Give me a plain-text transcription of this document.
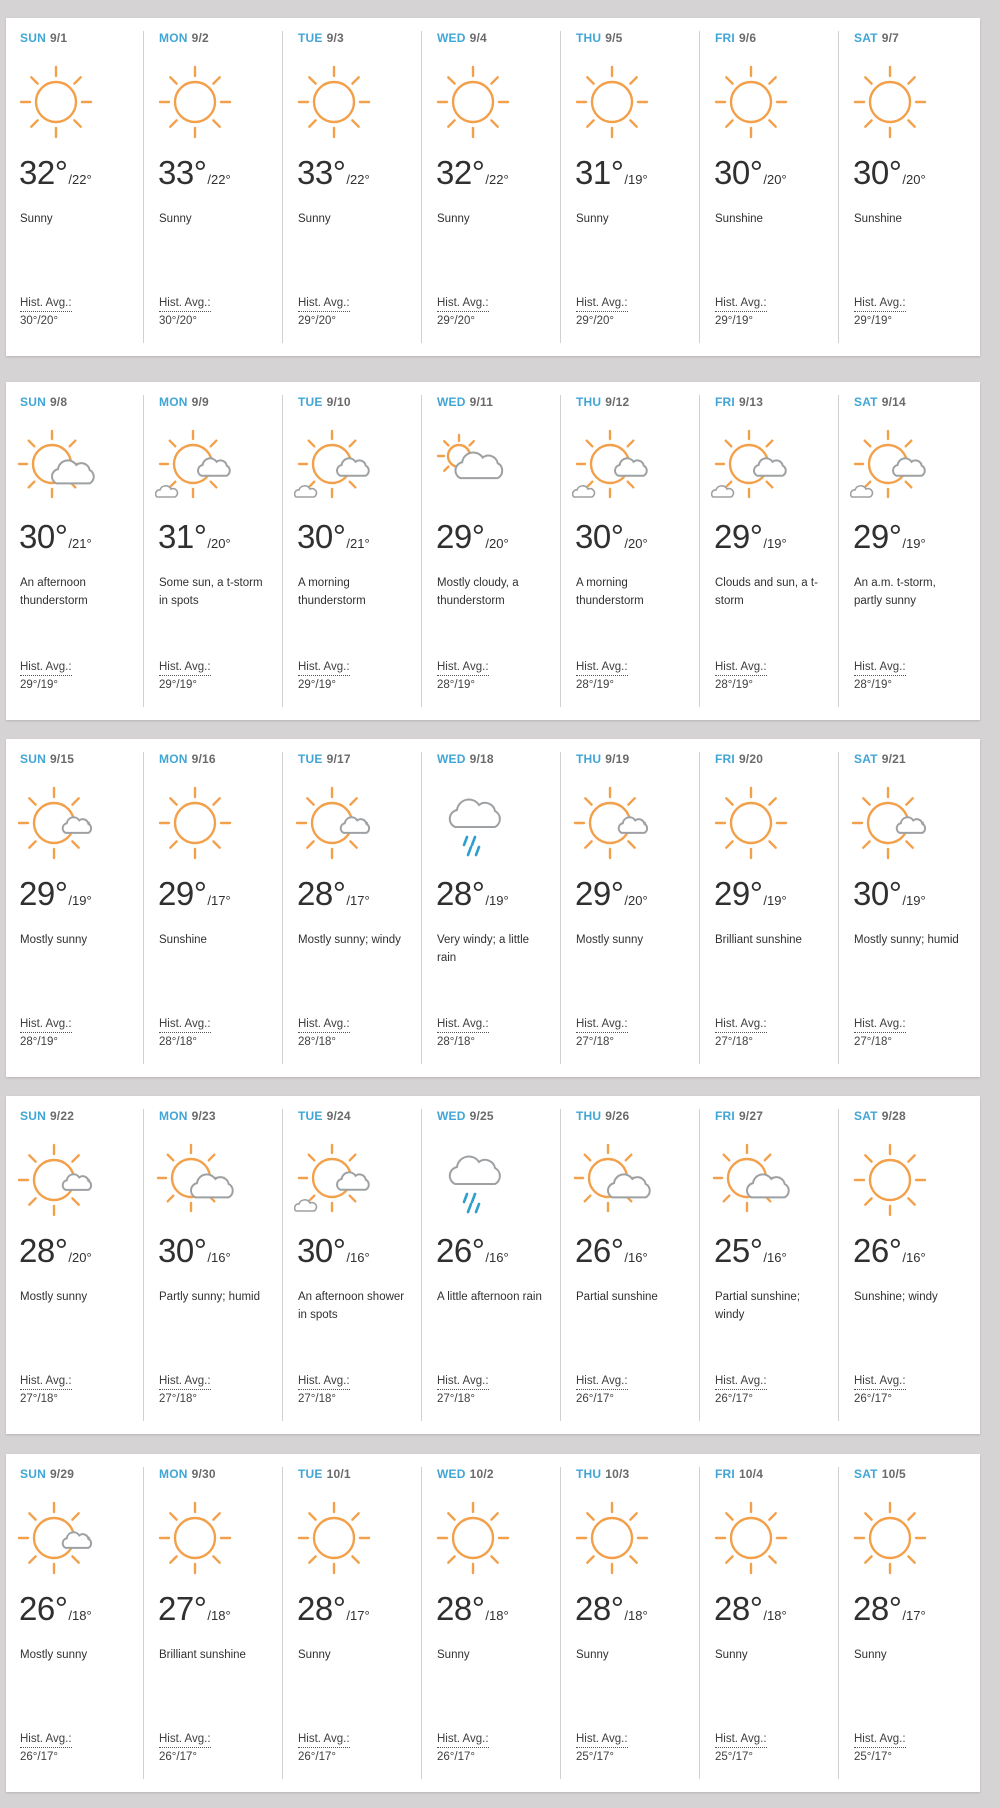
SUN 9/1
32°/22°
Sunny
Hist. Avg.:
30°/20°
MON 9/2
33°/22°
Sunny
Hist. Avg.:
30°/20°
TUE 9/3
33°/22°
Sunny
Hist. Avg.:
29°/20°
WED 9/4
32°/22°
Sunny
Hist. Avg.:
29°/20°
THU 9/5
31°/19°
Sunny
Hist. Avg.:
29°/20°
FRI 9/6
30°/20°
Sunshine
Hist. Avg.:
29°/19°
SAT 9/7
30°/20°
Sunshine
Hist. Avg.:
29°/19°
SUN 9/8
30°/21°
An afternoon thunderstorm
Hist. Avg.:
29°/19°
MON 9/9
31°/20°
Some sun, a t-storm in spots
Hist. Avg.:
29°/19°
TUE 9/10
30°/21°
A morning thunderstorm
Hist. Avg.:
29°/19°
WED 9/11
29°/20°
Mostly cloudy, a thunderstorm
Hist. Avg.:
28°/19°
THU 9/12
30°/20°
A morning thunderstorm
Hist. Avg.:
28°/19°
FRI 9/13
29°/19°
Clouds and sun, a t-storm
Hist. Avg.:
28°/19°
SAT 9/14
29°/19°
An a.m. t-storm, partly sunny
Hist. Avg.:
28°/19°
SUN 9/15
29°/19°
Mostly sunny
Hist. Avg.:
28°/19°
MON 9/16
29°/17°
Sunshine
Hist. Avg.:
28°/18°
TUE 9/17
28°/17°
Mostly sunny; windy
Hist. Avg.:
28°/18°
WED 9/18
28°/19°
Very windy; a little rain
Hist. Avg.:
28°/18°
THU 9/19
29°/20°
Mostly sunny
Hist. Avg.:
27°/18°
FRI 9/20
29°/19°
Brilliant sunshine
Hist. Avg.:
27°/18°
SAT 9/21
30°/19°
Mostly sunny; humid
Hist. Avg.:
27°/18°
SUN 9/22
28°/20°
Mostly sunny
Hist. Avg.:
27°/18°
MON 9/23
30°/16°
Partly sunny; humid
Hist. Avg.:
27°/18°
TUE 9/24
30°/16°
An afternoon shower in spots
Hist. Avg.:
27°/18°
WED 9/25
26°/16°
A little afternoon rain
Hist. Avg.:
27°/18°
THU 9/26
26°/16°
Partial sunshine
Hist. Avg.:
26°/17°
FRI 9/27
25°/16°
Partial sunshine; windy
Hist. Avg.:
26°/17°
SAT 9/28
26°/16°
Sunshine; windy
Hist. Avg.:
26°/17°
SUN 9/29
26°/18°
Mostly sunny
Hist. Avg.:
26°/17°
MON 9/30
27°/18°
Brilliant sunshine
Hist. Avg.:
26°/17°
TUE 10/1
28°/17°
Sunny
Hist. Avg.:
26°/17°
WED 10/2
28°/18°
Sunny
Hist. Avg.:
26°/17°
THU 10/3
28°/18°
Sunny
Hist. Avg.:
25°/17°
FRI 10/4
28°/18°
Sunny
Hist. Avg.:
25°/17°
SAT 10/5
28°/17°
Sunny
Hist. Avg.:
25°/17°
